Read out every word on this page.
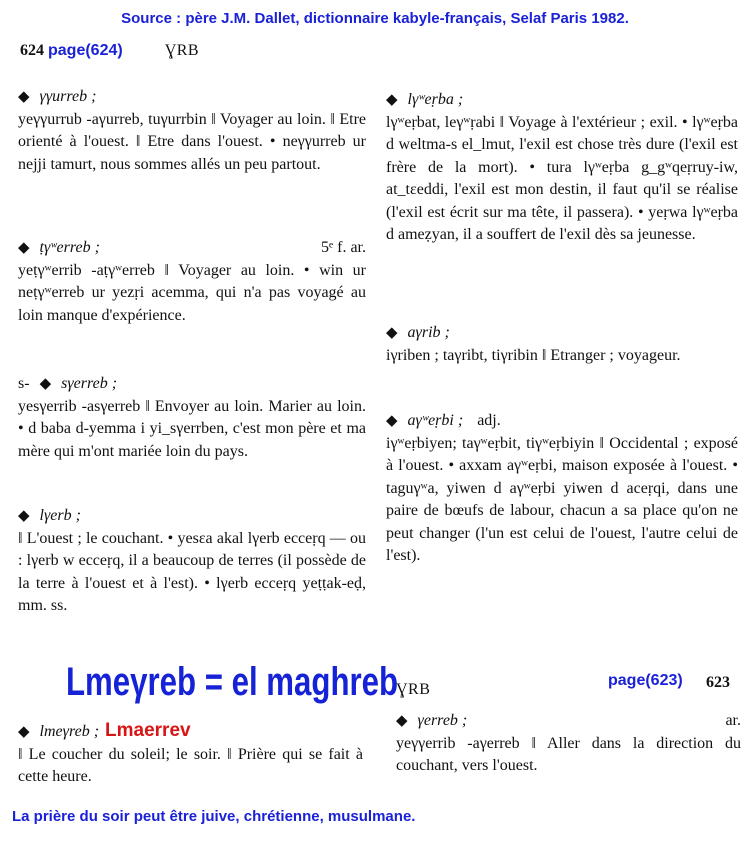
Source : père J.M. Dallet, dictionnaire kabyle-français, Selaf Paris 1982.
624 page(624)	ƔRB
◆ γγurreb ;
yeγγurrub -aγurreb, tuγurrbin ‖ Voyager au loin. ‖ Etre orienté à l'ouest. ‖ Etre dans l'ouest. • neγγurreb ur nejji tamurt, nous sommes allés un peu partout.
◆ ṭγʷerreb ;	5ᵉ f. ar.
yeṭγʷerrib -aṭγʷerreb ‖ Voyager au loin. • win ur neṭγʷerreb ur yezṛi acemma, qui n'a pas voyagé au loin manque d'expérience.
s- ◆ sγerreb ;
yesγerrib -asγerreb ‖ Envoyer au loin. Marier au loin. • d baba d-yemma i yi_sγerrben, c'est mon père et ma mère qui m'ont mariée loin du pays.
◆ lγerb ;
‖ L'ouest ; le couchant. • yesεa akal lγerb ecceṛq — ou : lγerb w ecceṛq, il a beaucoup de terres (il possède de la terre à l'ouest et à l'est). • lγerb ecceṛq yeṭṭak-eḍ, mm. ss.
◆ lγʷeṛba ;
lγʷeṛbat, leγʷṛabi ‖ Voyage à l'extérieur ; exil. • lγʷeṛba d weltma-s el_lmut, l'exil est chose très dure (l'exil est frère de la mort). • tura lγʷeṛba g_gʷqeṛruy-iw, at_tεeddi, l'exil est mon destin, il faut qu'il se réalise (l'exil est écrit sur ma tête, il passera). • yeṛwa lγʷeṛba d ameẓyan, il a souffert de l'exil dès sa jeunesse.
◆ aγrib ;
iγriben ; taγribt, tiγribin ‖ Etranger ; voyageur.
◆ aγʷeṛbi ; adj.
iγʷeṛbiyen; taγʷeṛbit, tiγʷeṛbiyin ‖ Occidental ; exposé à l'ouest. • axxam aγʷeṛbi, maison exposée à l'ouest. • taguγʷa, yiwen d aγʷeṛbi yiwen d aceṛqi, dans une paire de bœufs de labour, chacun a sa place qu'on ne peut changer (l'un est celui de l'ouest, l'autre celui de l'est).
Lmeγreb = el maghreb
ƔRB
page(623) 623
◆ lmeγreb ; Lmaerrev
‖ Le coucher du soleil; le soir. ‖ Prière qui se fait à cette heure.
◆ γerreb ;	ar.
yeγγerrib -aγerreb ‖ Aller dans la direction du couchant, vers l'ouest.
La prière du soir peut être juive, chrétienne, musulmane.
